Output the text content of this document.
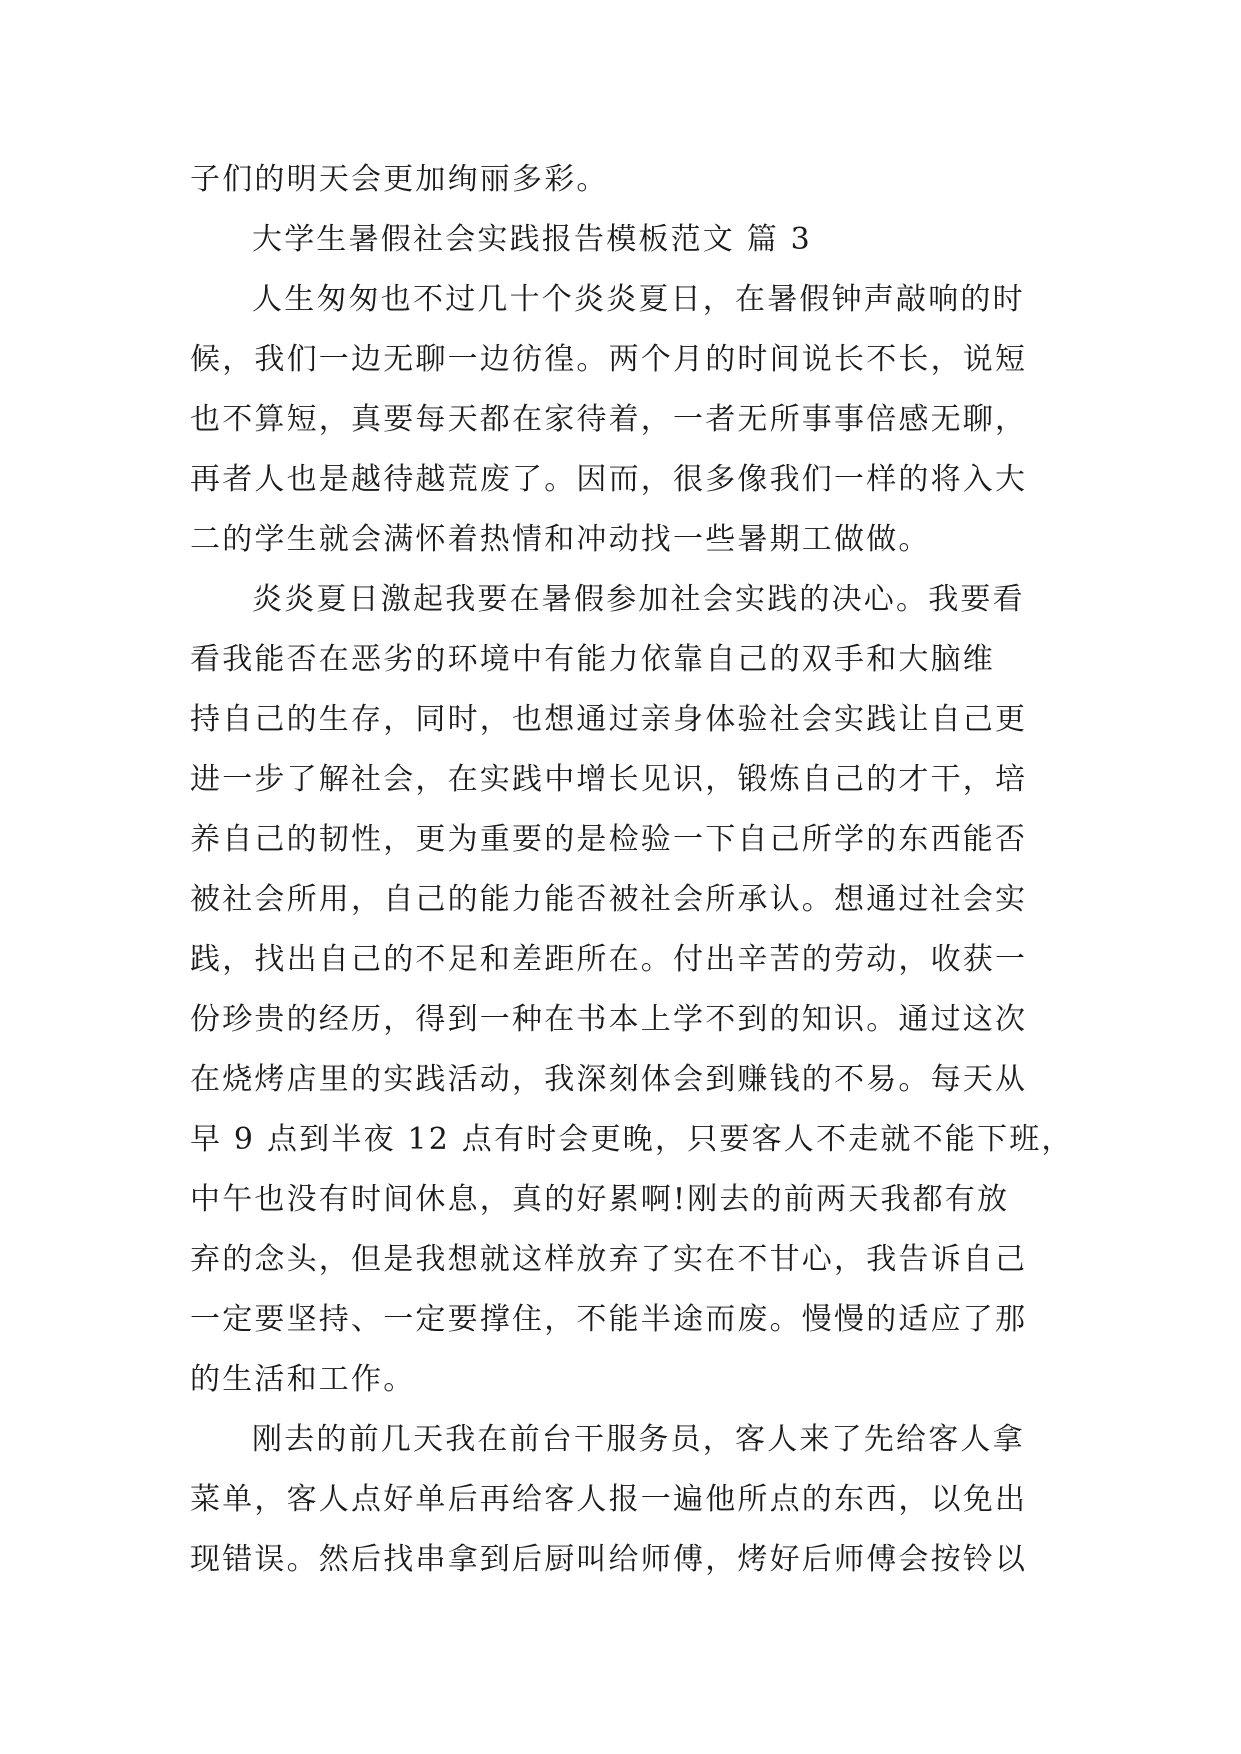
子们的明天会更加绚丽多彩。
大学生暑假社会实践报告模板范文 篇 3
人生匆匆也不过几十个炎炎夏日，在暑假钟声敲响的时
候，我们一边无聊一边彷徨。两个月的时间说长不长，说短
也不算短，真要每天都在家待着，一者无所事事倍感无聊，
再者人也是越待越荒废了。因而，很多像我们一样的将入大
二的学生就会满怀着热情和冲动找一些暑期工做做。
炎炎夏日激起我要在暑假参加社会实践的决心。我要看
看我能否在恶劣的环境中有能力依靠自己的双手和大脑维
持自己的生存，同时，也想通过亲身体验社会实践让自己更
进一步了解社会，在实践中增长见识，锻炼自己的才干，培
养自己的韧性，更为重要的是检验一下自己所学的东西能否
被社会所用，自己的能力能否被社会所承认。想通过社会实
践，找出自己的不足和差距所在。付出辛苦的劳动，收获一
份珍贵的经历，得到一种在书本上学不到的知识。通过这次
在烧烤店里的实践活动，我深刻体会到赚钱的不易。每天从
早 9 点到半夜 12 点有时会更晚，只要客人不走就不能下班，
中午也没有时间休息，真的好累啊!刚去的前两天我都有放
弃的念头，但是我想就这样放弃了实在不甘心，我告诉自己
一定要坚持、一定要撑住，不能半途而废。慢慢的适应了那
的生活和工作。
刚去的前几天我在前台干服务员，客人来了先给客人拿
菜单，客人点好单后再给客人报一遍他所点的东西，以免出
现错误。然后找串拿到后厨叫给师傅，烤好后师傅会按铃以
